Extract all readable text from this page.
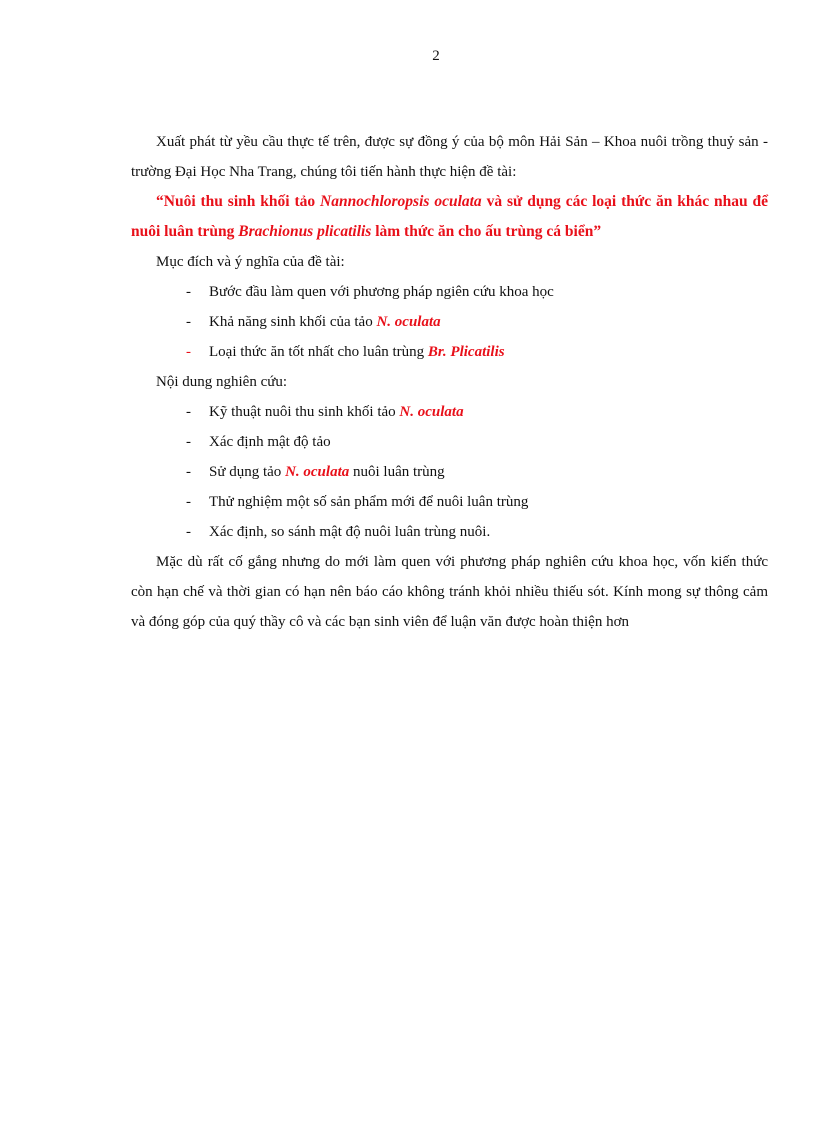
2

Xuất phát từ yều cầu thực tế trên, được sự đồng ý của bộ môn Hải Sản – Khoa nuôi trồng thuỷ sản - trường Đại Học Nha Trang, chúng tôi tiến hành thực hiện đề tài:

“Nuôi thu sinh khối tảo Nannochloropsis oculata và sử dụng các loại thức ăn khác nhau để nuôi luân trùng Brachionus plicatilis làm thức ăn cho ấu trùng cá biển”

Mục đích và ý nghĩa của đề tài:

- Bước đầu làm quen với phương pháp ngiên cứu khoa học
- Khả năng sinh khối của tảo N. oculata
- Loại thức ăn tốt nhất cho luân trùng Br. Plicatilis

Nội dung nghiên cứu:

- Kỹ thuật nuôi thu sinh khối tảo N. oculata
- Xác định mật độ tảo
- Sử dụng tảo N. oculata nuôi luân trùng
- Thử nghiệm một số sản phẩm mới để nuôi luân trùng
- Xác định, so sánh mật độ nuôi luân trùng nuôi.

Mặc dù rất cố gắng nhưng do mới làm quen với phương pháp nghiên cứu khoa học, vốn kiến thức còn hạn chế và thời gian có hạn nên báo cáo không tránh khỏi nhiều thiếu sót. Kính mong sự thông cảm và đóng góp của quý thầy cô và các bạn sinh viên để luận văn được hoàn thiện hơn
